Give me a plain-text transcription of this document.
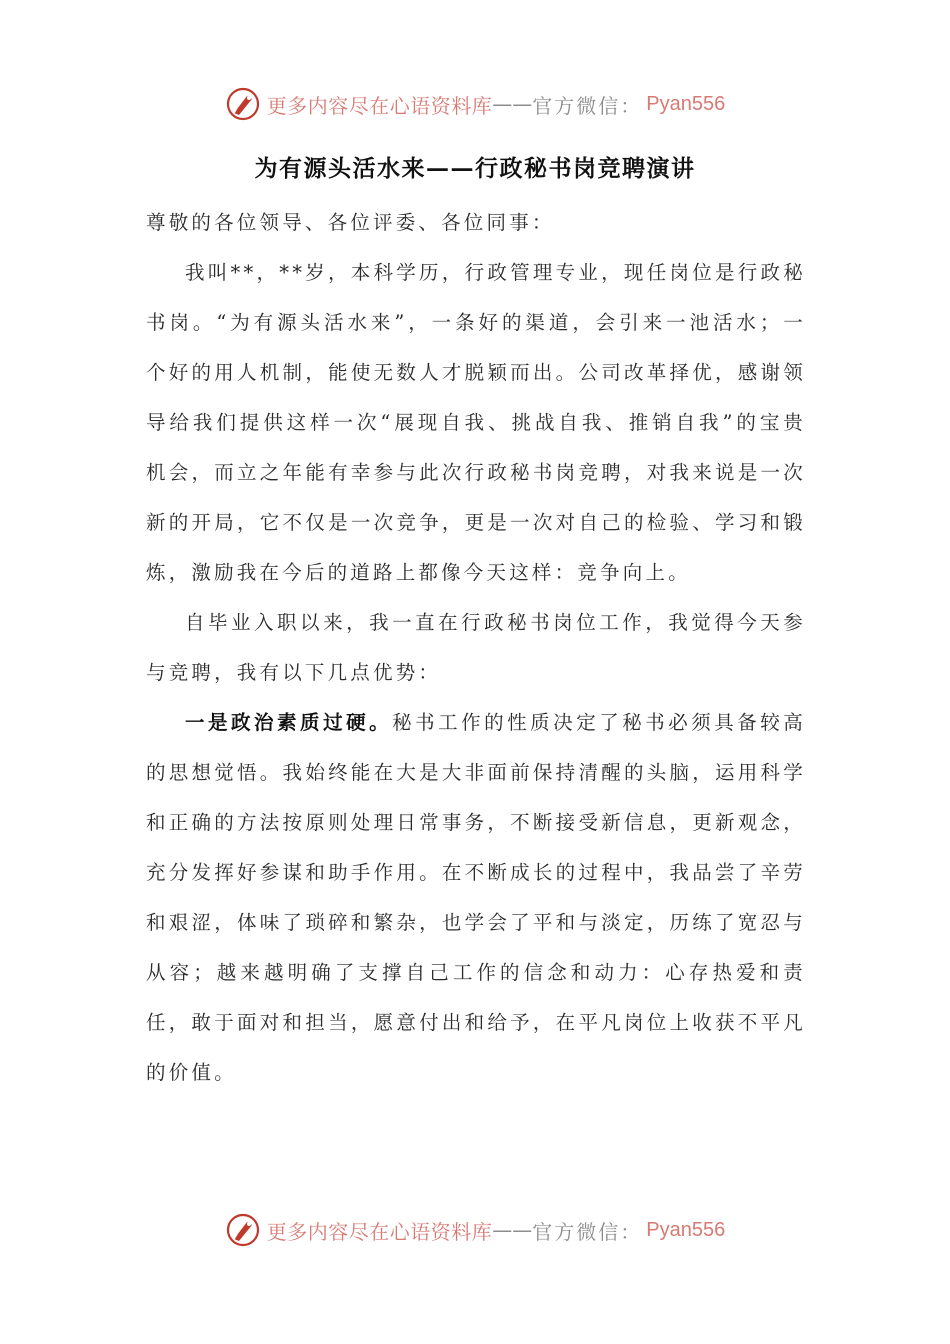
更多内容尽在心语资料库 —— 官方微信： Pyan556
为有源头活水来——行政秘书岗竞聘演讲

尊敬的各位领导、各位评委、各位同事：

我叫**，**岁，本科学历，行政管理专业，现任岗位是行政秘书岗。“为有源头活水来”，一条好的渠道，会引来一池活水；一个好的用人机制，能使无数人才脱颖而出。公司改革择优，感谢领导给我们提供这样一次“展现自我、挑战自我、推销自我”的宝贵机会，而立之年能有幸参与此次行政秘书岗竞聘，对我来说是一次新的开局，它不仅是一次竞争，更是一次对自己的检验、学习和锻炼，激励我在今后的道路上都像今天这样：竞争向上。

自毕业入职以来，我一直在行政秘书岗位工作，我觉得今天参与竞聘，我有以下几点优势：

一是政治素质过硬。秘书工作的性质决定了秘书必须具备较高的思想觉悟。我始终能在大是大非面前保持清醒的头脑，运用科学和正确的方法按原则处理日常事务，不断接受新信息，更新观念，充分发挥好参谋和助手作用。在不断成长的过程中，我品尝了辛劳和艰涩，体味了琐碎和繁杂，也学会了平和与淡定，历练了宽忍与从容；越来越明确了支撑自己工作的信念和动力：心存热爱和责任，敢于面对和担当，愿意付出和给予，在平凡岗位上收获不平凡的价值。

更多内容尽在心语资料库 —— 官方微信： Pyan556
